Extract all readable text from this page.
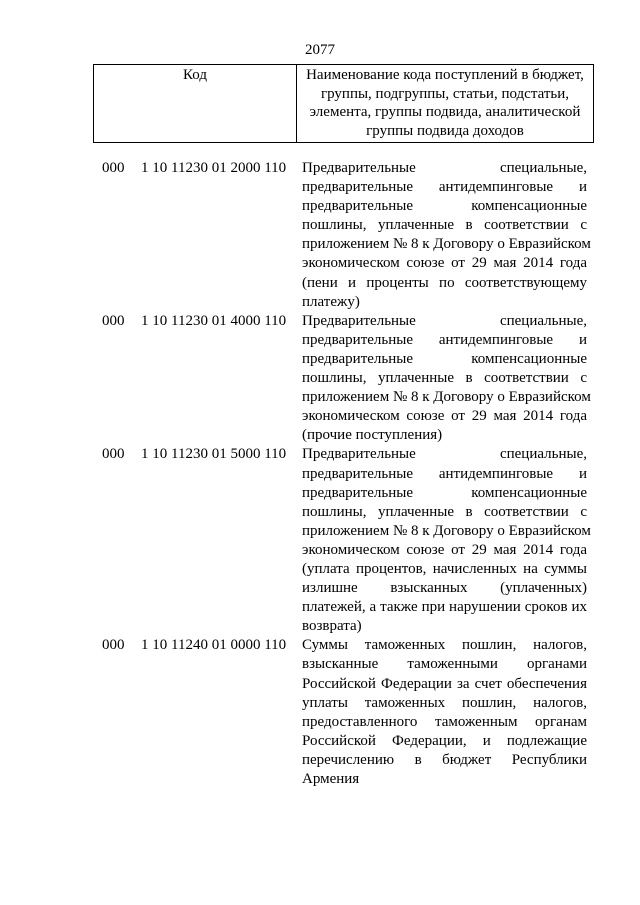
2077
Код	Наименование кода поступлений в бюджет,
группы, подгруппы, статьи, подстатьи,
элемента, группы подвида, аналитической
группы подвида доходов
000 1 10 11230 01 2000 110 Предварительные специальные,
предварительные антидемпинговые и
предварительные компенсационные
пошлины, уплаченные в соответствии с
приложением № 8 к Договору о Евразийском
экономическом союзе от 29 мая 2014 года
(пени и проценты по соответствующему
платежу)
000 1 10 11230 01 4000 110 Предварительные специальные,
предварительные антидемпинговые и
предварительные компенсационные
пошлины, уплаченные в соответствии с
приложением № 8 к Договору о Евразийском
экономическом союзе от 29 мая 2014 года
(прочие поступления)
000 1 10 11230 01 5000 110 Предварительные специальные,
предварительные антидемпинговые и
предварительные компенсационные
пошлины, уплаченные в соответствии с
приложением № 8 к Договору о Евразийском
экономическом союзе от 29 мая 2014 года
(уплата процентов, начисленных на суммы
излишне взысканных (уплаченных)
платежей, а также при нарушении сроков их
возврата)
000 1 10 11240 01 0000 110 Суммы таможенных пошлин, налогов,
взысканные таможенными органами
Российской Федерации за счет обеспечения
уплаты таможенных пошлин, налогов,
предоставленного таможенным органам
Российской Федерации, и подлежащие
перечислению в бюджет Республики
Армения
